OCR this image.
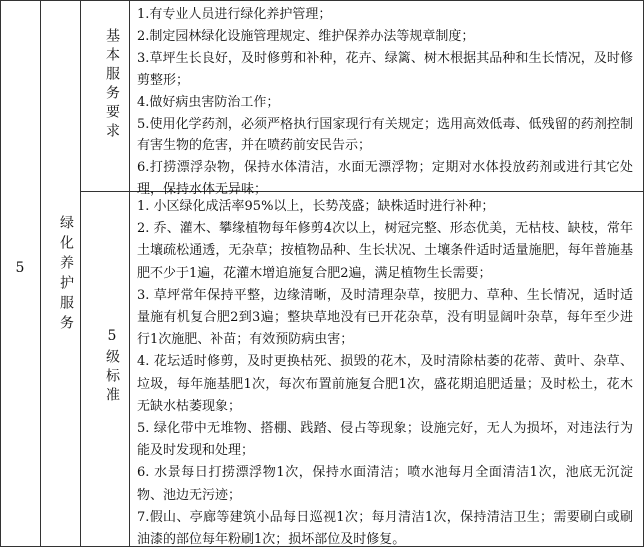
5	绿化养护服务
基本服务要求
5级标准
1.有专业人员进行绿化养护管理；
2.制定园林绿化设施管理规定、维护保养办法等规章制度；
3.草坪生长良好，及时修剪和补种，花卉、绿篱、树木根据其品种和生长情况，及时修剪整形；
4.做好病虫害防治工作；
5.使用化学药剂，必须严格执行国家现行有关规定；选用高效低毒、低残留的药剂控制有害生物的危害，并在喷药前安民告示；
6.打捞漂浮杂物，保持水体清洁，水面无漂浮物；定期对水体投放药剂或进行其它处理，保持水体无异味；
1. 小区绿化成活率95%以上，长势茂盛；缺株适时进行补种；
2. 乔、灌木、攀缘植物每年修剪4次以上，树冠完整、形态优美，无枯枝、缺枝，常年土壤疏松通透，无杂草；按植物品种、生长状况、土壤条件适时适量施肥，每年普施基肥不少于1遍，花灌木增追施复合肥2遍，满足植物生长需要；
3. 草坪常年保持平整，边缘清晰，及时清理杂草，按肥力、草种、生长情况，适时适量施有机复合肥2到3遍；整块草地没有已开花杂草，没有明显阔叶杂草，每年至少进行1次施肥、补苗；有效预防病虫害；
4. 花坛适时修剪，及时更换枯死、损毁的花木，及时清除枯萎的花蒂、黄叶、杂草、垃圾，每年施基肥1次，每次布置前施复合肥1次，盛花期追肥适量；及时松土，花木无缺水枯萎现象；
5. 绿化带中无堆物、搭棚、践踏、侵占等现象；设施完好，无人为损坏，对违法行为能及时发现和处理；
6. 水景每日打捞漂浮物1次，保持水面清洁；喷水池每月全面清洁1次，池底无沉淀物、池边无污迹；
7.假山、亭廊等建筑小品每日巡视1次；每月清洁1次，保持清洁卫生；需要刷白或刷油漆的部位每年粉刷1次；损坏部位及时修复。
